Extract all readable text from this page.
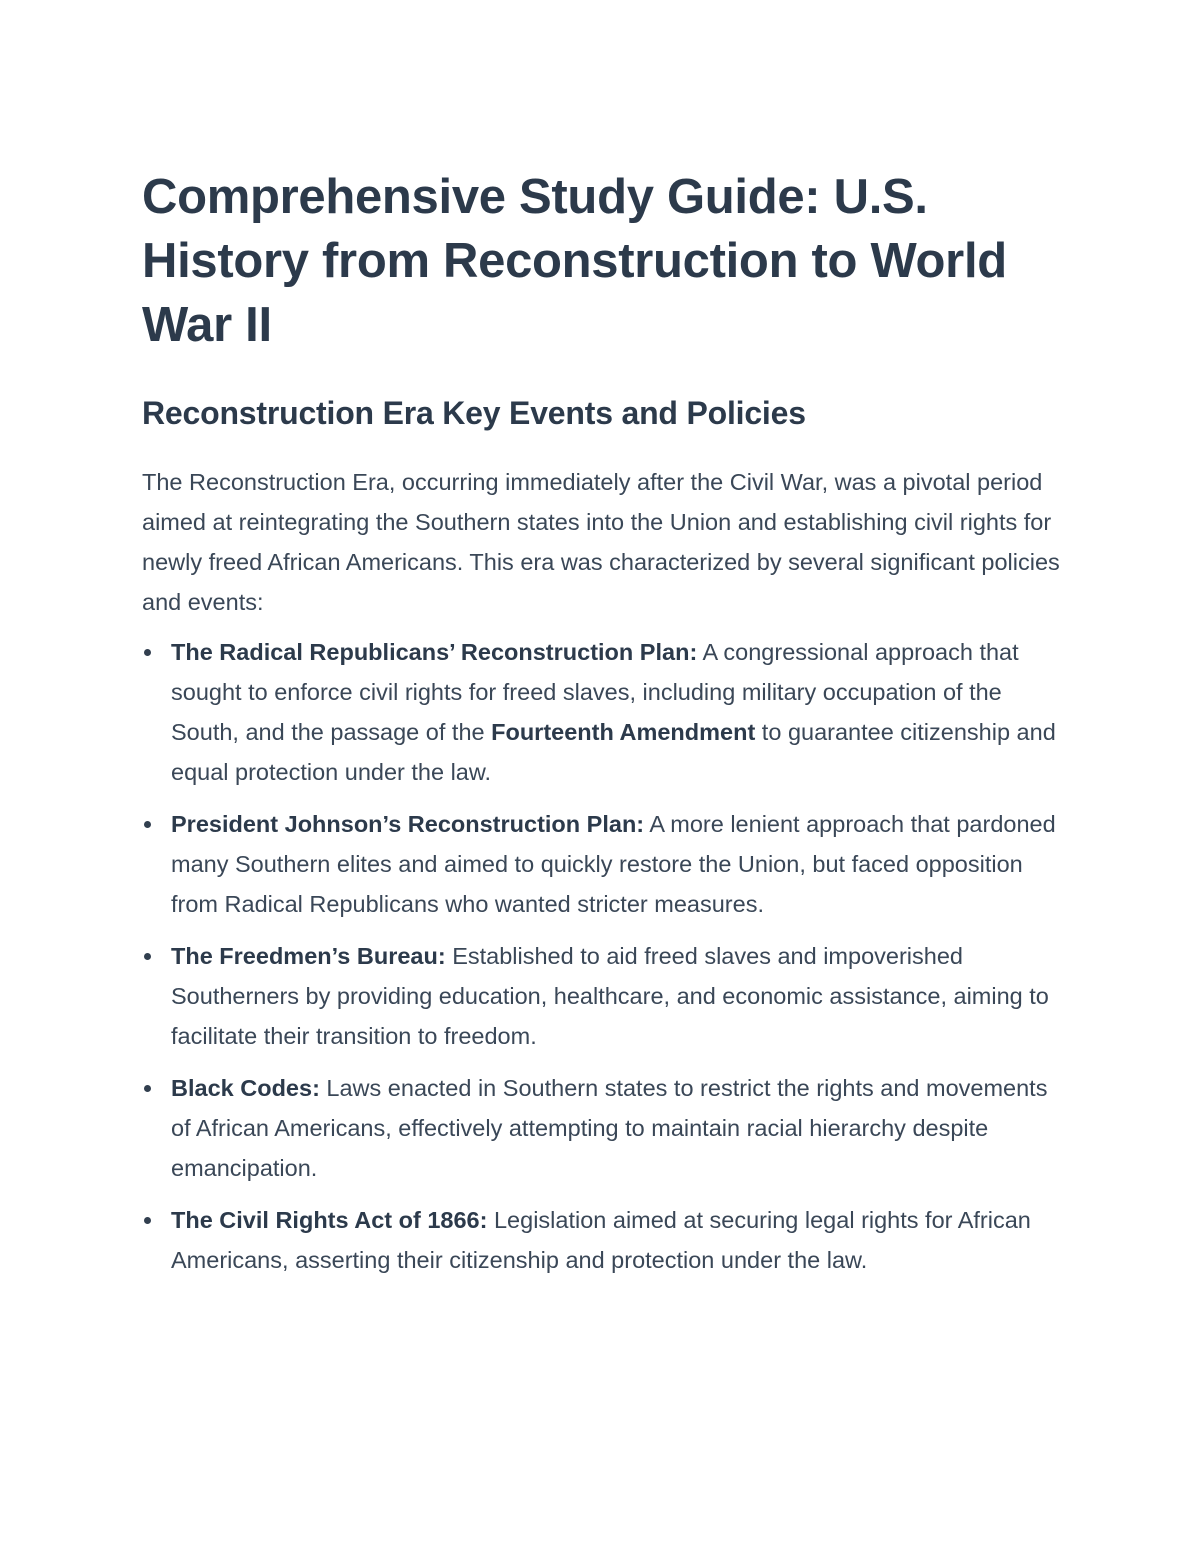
Comprehensive Study Guide: U.S. History from Reconstruction to World War II
Reconstruction Era Key Events and Policies

The Reconstruction Era, occurring immediately after the Civil War, was a pivotal period aimed at reintegrating the Southern states into the Union and establishing civil rights for newly freed African Americans. This era was characterized by several significant policies and events:

The Radical Republicans’ Reconstruction Plan: A congressional approach that sought to enforce civil rights for freed slaves, including military occupation of the South, and the passage of the Fourteenth Amendment to guarantee citizenship and equal protection under the law.
President Johnson’s Reconstruction Plan: A more lenient approach that pardoned many Southern elites and aimed to quickly restore the Union, but faced opposition from Radical Republicans who wanted stricter measures.
The Freedmen’s Bureau: Established to aid freed slaves and impoverished Southerners by providing education, healthcare, and economic assistance, aiming to facilitate their transition to freedom.
Black Codes: Laws enacted in Southern states to restrict the rights and movements of African Americans, effectively attempting to maintain racial hierarchy despite emancipation.
The Civil Rights Act of 1866: Legislation aimed at securing legal rights for African Americans, asserting their citizenship and protection under the law.
